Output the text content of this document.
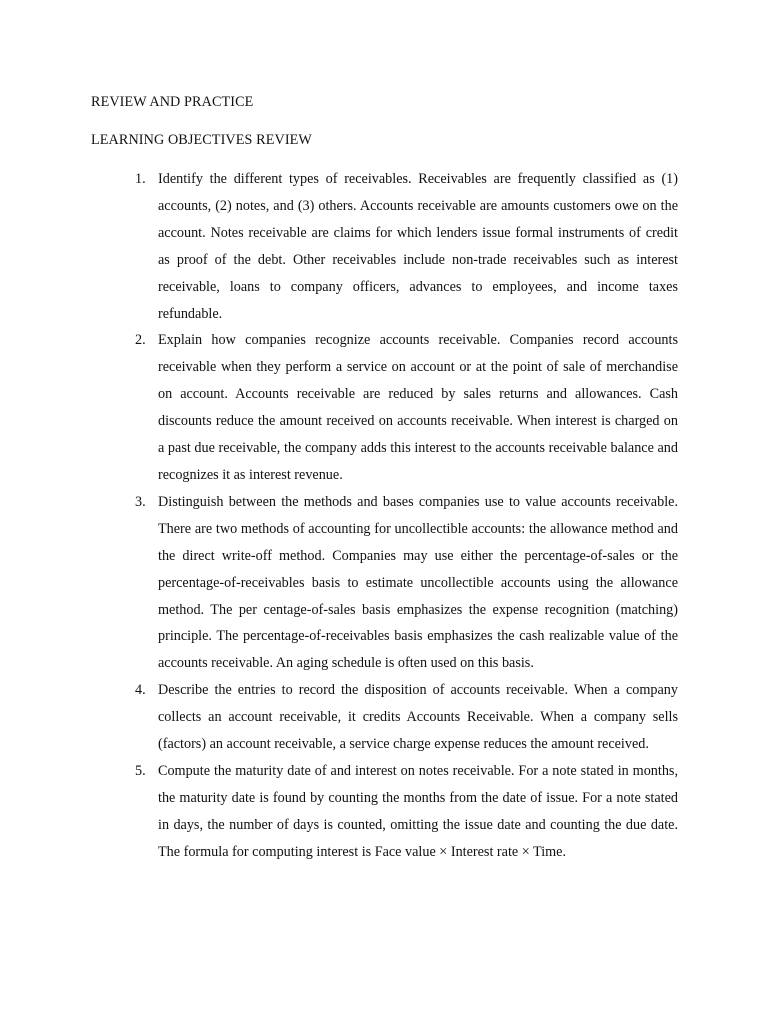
REVIEW AND PRACTICE
LEARNING OBJECTIVES REVIEW
1. Identify the different types of receivables. Receivables are frequently classified as (1) accounts, (2) notes, and (3) others. Accounts receivable are amounts customers owe on the account. Notes receivable are claims for which lenders issue formal instruments of credit as proof of the debt. Other receivables include non-trade receivables such as interest receivable, loans to company officers, advances to employees, and income taxes refundable.
2. Explain how companies recognize accounts receivable. Companies record accounts receivable when they perform a service on account or at the point of sale of merchandise on account. Accounts receivable are reduced by sales returns and allowances. Cash discounts reduce the amount received on accounts receivable. When interest is charged on a past due receivable, the company adds this interest to the accounts receivable balance and recognizes it as interest revenue.
3. Distinguish between the methods and bases companies use to value accounts receivable. There are two methods of accounting for uncollectible accounts: the allowance method and the direct write-off method. Companies may use either the percentage-of-sales or the percentage-of-receivables basis to estimate uncollectible accounts using the allowance method. The per centage-of-sales basis emphasizes the expense recognition (matching) principle. The percentage-of-receivables basis emphasizes the cash realizable value of the accounts receivable. An aging schedule is often used on this basis.
4. Describe the entries to record the disposition of accounts receivable. When a company collects an account receivable, it credits Accounts Receivable. When a company sells (factors) an account receivable, a service charge expense reduces the amount received.
5. Compute the maturity date of and interest on notes receivable. For a note stated in months, the maturity date is found by counting the months from the date of issue. For a note stated in days, the number of days is counted, omitting the issue date and counting the due date. The formula for computing interest is Face value × Interest rate × Time.
